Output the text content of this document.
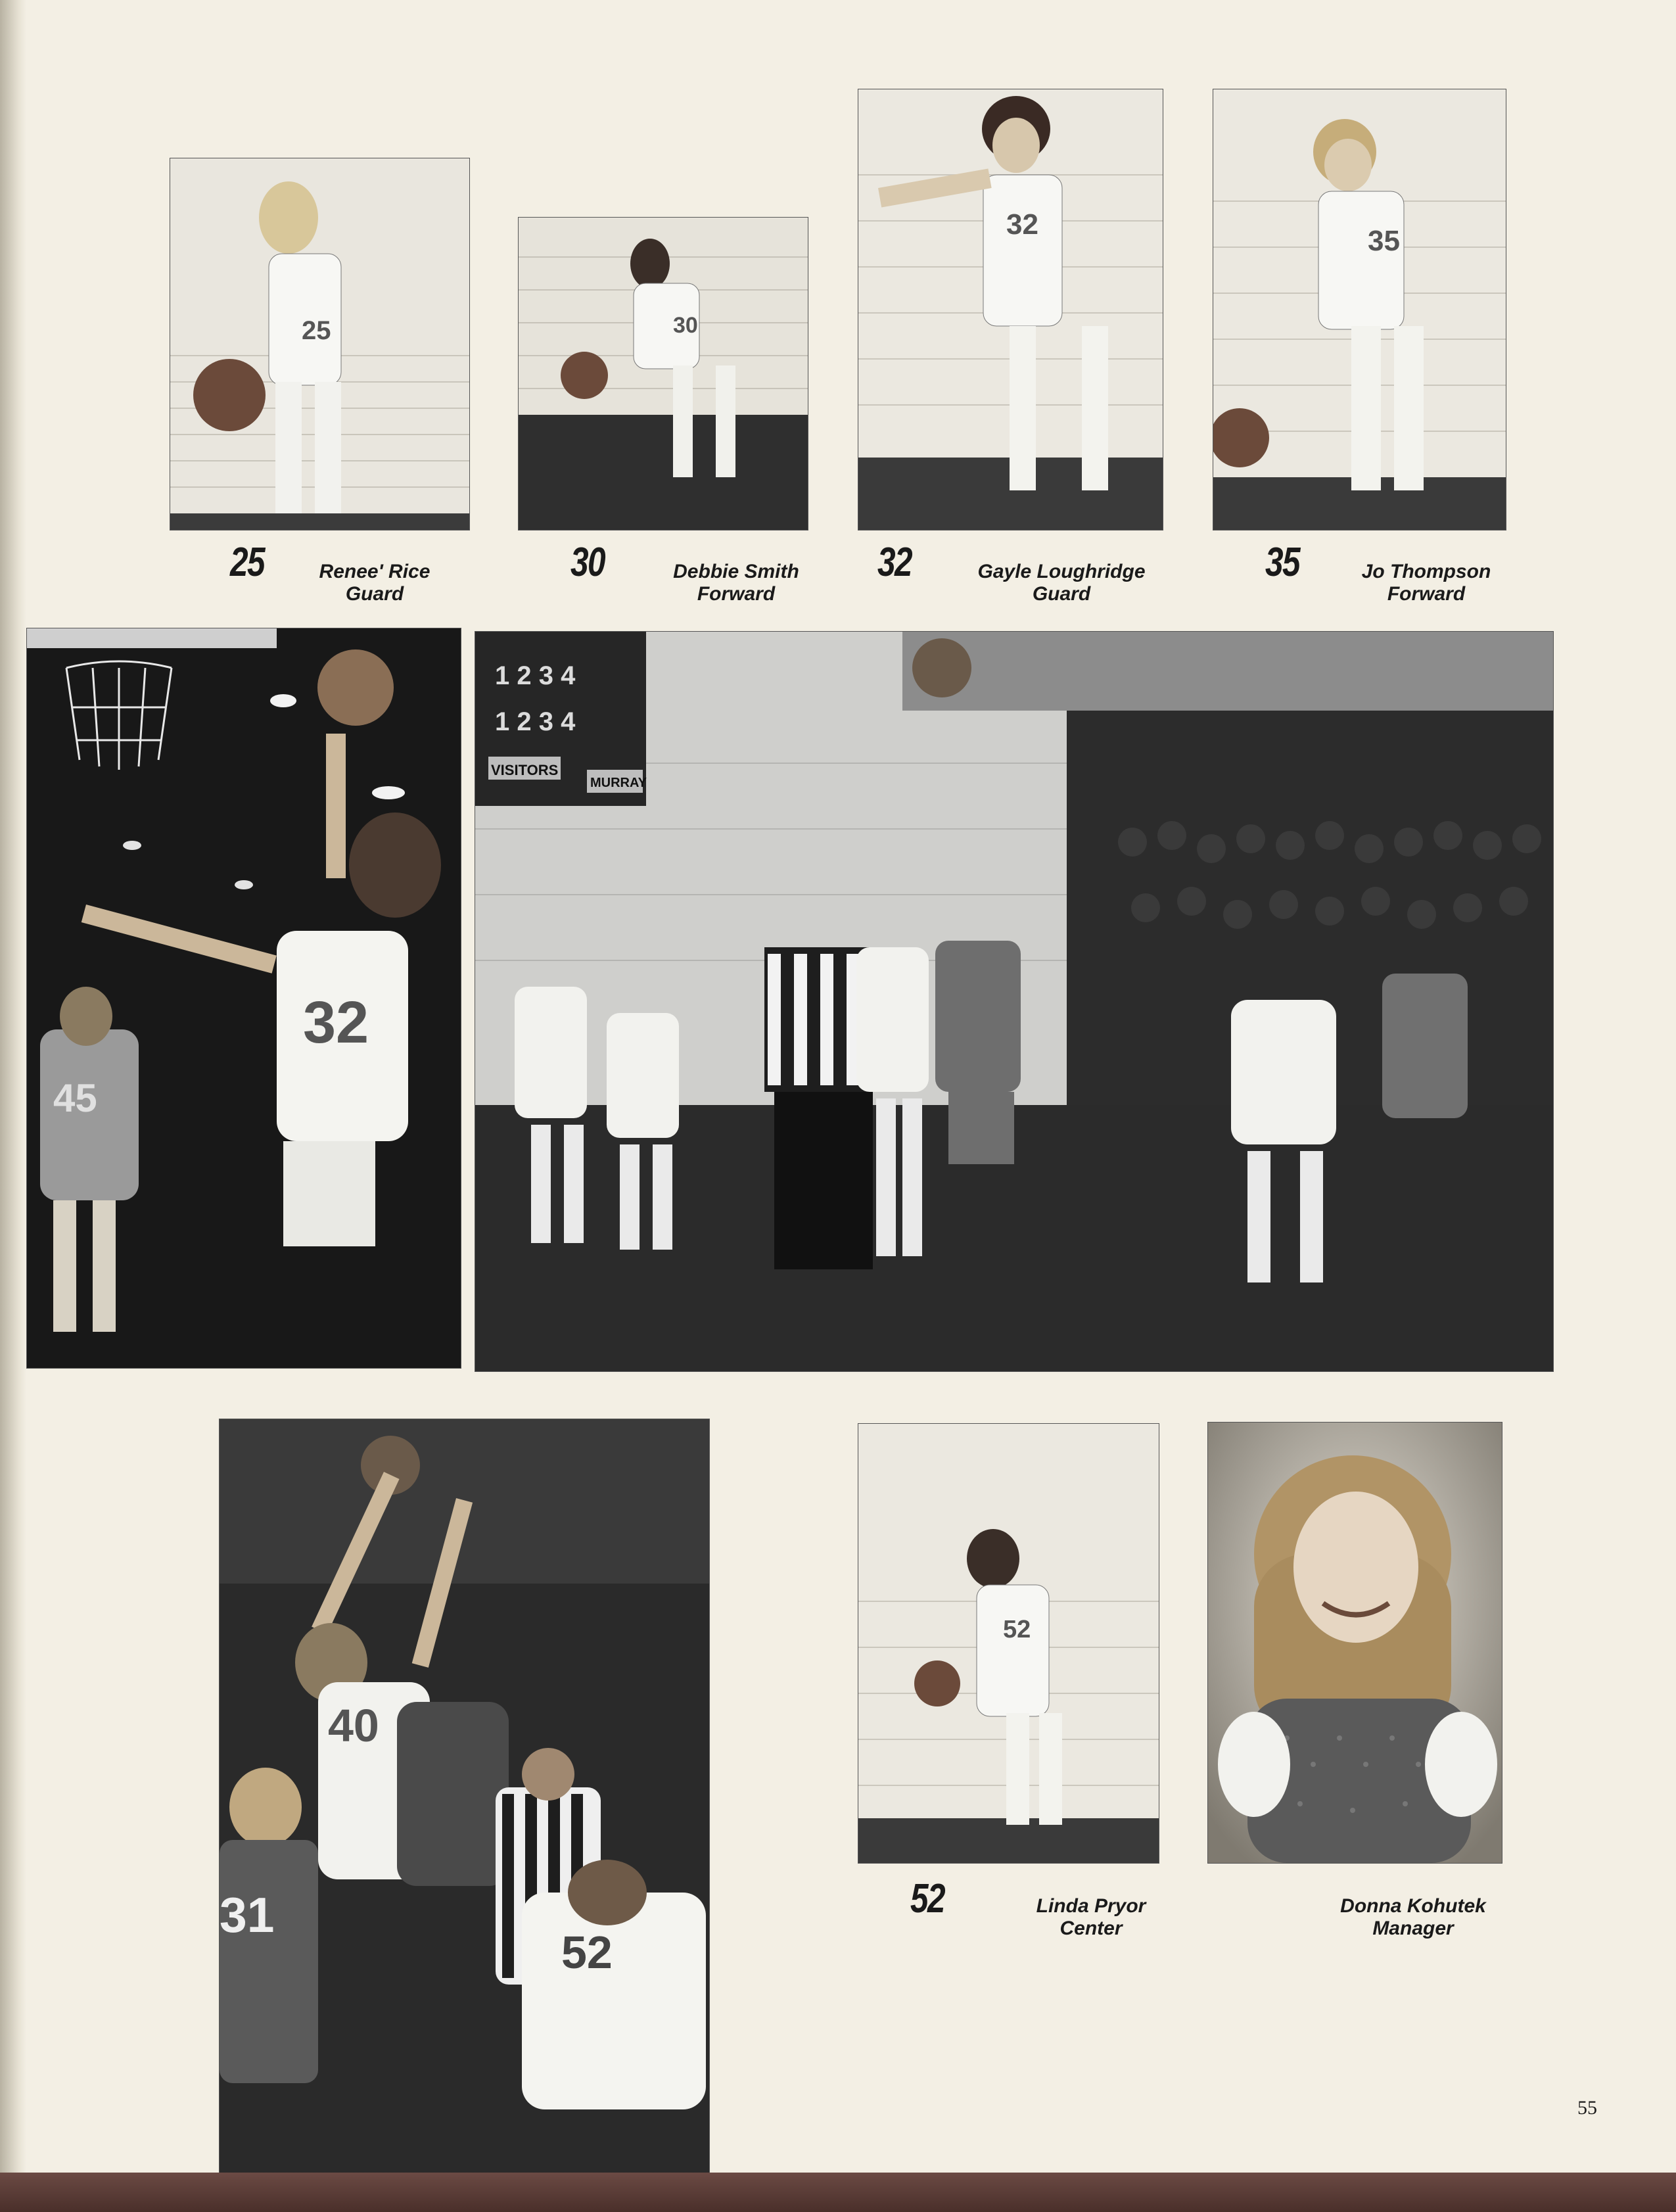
25	30
32
35
25	Renee' Rice
Guard
30	Debbie Smith
Forward
32	Gayle Loughridge
Guard
35	Jo Thompson
Forward
32
45
1 2 3 4
1 2 3 4
VISITORS
MURRAY
40
31
52
52
52	Linda Pryor
Center
Donna Kohutek
Manager
55
